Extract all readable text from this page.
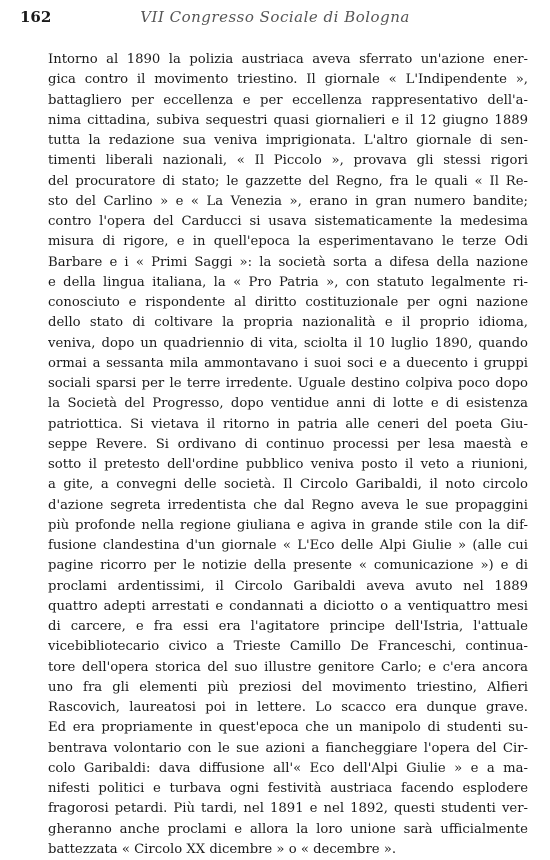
162	VII Congresso Sociale di Bologna
Intorno al 1890 la polizia austriaca aveva sferrato un'azione ener-
gica contro il movimento triestino. Il giornale « L'Indipendente »,
battagliero per eccellenza e per eccellenza rappresentativo dell'a-
nima cittadina, subiva sequestri quasi giornalieri e il 12 giugno 1889
tutta la redazione sua veniva imprigionata. L'altro giornale di sen-
timenti liberali nazionali, « Il Piccolo », provava gli stessi rigori
del procuratore di stato; le gazzette del Regno, fra le quali « Il Re-
sto del Carlino » e « La Venezia », erano in gran numero bandite;
contro l'opera del Carducci si usava sistematicamente la medesima
misura di rigore, e in quell'epoca la esperimentavano le terze Odi
Barbare e i « Primi Saggi »: la società sorta a difesa della nazione
e della lingua italiana, la « Pro Patria », con statuto legalmente ri-
conosciuto e rispondente al diritto costituzionale per ogni nazione
dello stato di coltivare la propria nazionalità e il proprio idioma,
veniva, dopo un quadriennio di vita, sciolta il 10 luglio 1890, quando
ormai a sessanta mila ammontavano i suoi soci e a duecento i gruppi
sociali sparsi per le terre irredente. Uguale destino colpiva poco dopo
la Società del Progresso, dopo ventidue anni di lotte e di esistenza
patriottica. Si vietava il ritorno in patria alle ceneri del poeta Giu-
seppe Revere. Si ordivano di continuo processi per lesa maestà e
sotto il pretesto dell'ordine pubblico veniva posto il veto a riunioni,
a gite, a convegni delle società. Il Circolo Garibaldi, il noto circolo
d'azione segreta irredentista che dal Regno aveva le sue propaggini
più profonde nella regione giuliana e agiva in grande stile con la dif-
fusione clandestina d'un giornale « L'Eco delle Alpi Giulie » (alle cui
pagine ricorro per le notizie della presente « comunicazione ») e di
proclami ardentissimi, il Circolo Garibaldi aveva avuto nel 1889
quattro adepti arrestati e condannati a diciotto o a ventiquattro mesi
di carcere, e fra essi era l'agitatore principe dell'Istria, l'attuale
vicebibliotecario civico a Trieste Camillo De Franceschi, continua-
tore dell'opera storica del suo illustre genitore Carlo; e c'era ancora
uno fra gli elementi più preziosi del movimento triestino, Alfieri
Rascovich, laureatosi poi in lettere. Lo scacco era dunque grave.
Ed era propriamente in quest'epoca che un manipolo di studenti su-
bentrava volontario con le sue azioni a fiancheggiare l'opera del Cir-
colo Garibaldi: dava diffusione all'« Eco dell'Alpi Giulie » e a ma-
nifesti politici e turbava ogni festività austriaca facendo esplodere
fragorosi petardi. Più tardi, nel 1891 e nel 1892, questi studenti ver-
gheranno anche proclami e allora la loro unione sarà ufficialmente
battezzata « Circolo XX dicembre » o « decembre ».
